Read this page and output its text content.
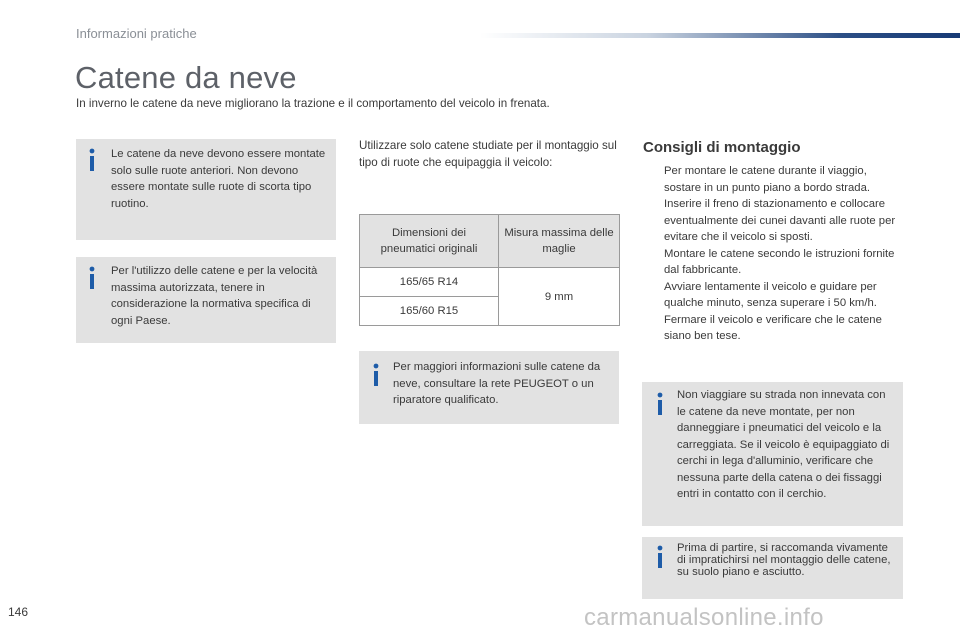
Informazioni pratiche
Catene da neve
In inverno le catene da neve migliorano la trazione e il comportamento del veicolo in frenata.
Le catene da neve devono essere montate solo sulle ruote anteriori. Non devono essere montate sulle ruote di scorta tipo ruotino.
Per l'utilizzo delle catene e per la velocità massima autorizzata, tenere in considerazione la normativa specifica di ogni Paese.
Utilizzare solo catene studiate per il montaggio sul tipo di ruote che equipaggia il veicolo:
Dimensioni dei pneumatici originali	Misura massima delle maglie
165/65 R14	9 mm
165/60 R15	
Per maggiori informazioni sulle catene da neve, consultare la rete PEUGEOT o un riparatore qualificato.
Consigli di montaggio
Per montare le catene durante il viaggio, sostare in un punto piano a bordo strada.
Inserire il freno di stazionamento e collocare eventualmente dei cunei davanti alle ruote per evitare che il veicolo si sposti.
Montare le catene secondo le istruzioni fornite dal fabbricante.
Avviare lentamente il veicolo e guidare per qualche minuto, senza superare i 50 km/h.
Fermare il veicolo e verificare che le catene siano ben tese.
Non viaggiare su strada non innevata con le catene da neve montate, per non danneggiare i pneumatici del veicolo e la carreggiata. Se il veicolo è equipaggiato di cerchi in lega d'alluminio, verificare che nessuna parte della catena o dei fissaggi entri in contatto con il cerchio.
Prima di partire, si raccomanda vivamente di impratichirsi nel montaggio delle catene, su suolo piano e asciutto.
146	carmanualsonline.info
